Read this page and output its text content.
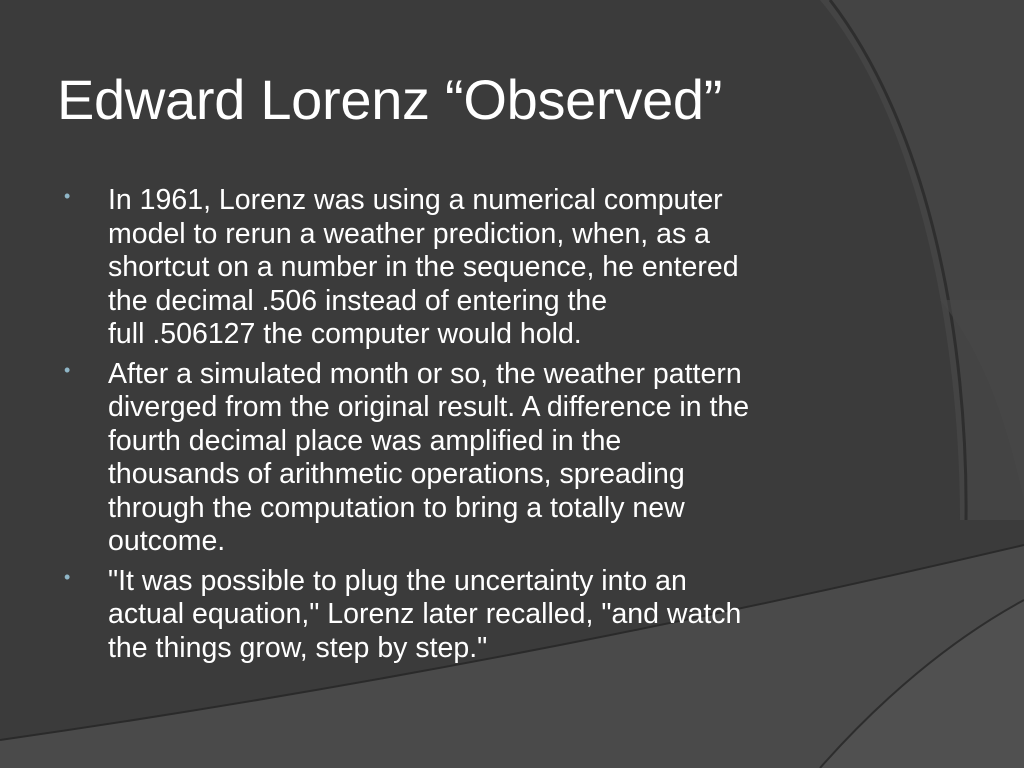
Edward Lorenz “Observed”
• In 1961, Lorenz was using a numerical computer
model to rerun a weather prediction, when, as a
shortcut on a number in the sequence, he entered
the decimal .506 instead of entering the
full .506127 the computer would hold.
• After a simulated month or so, the weather pattern
diverged from the original result. A difference in the
fourth decimal place was amplified in the
thousands of arithmetic operations, spreading
through the computation to bring a totally new
outcome.
• "It was possible to plug the uncertainty into an
actual equation," Lorenz later recalled, "and watch
the things grow, step by step."
